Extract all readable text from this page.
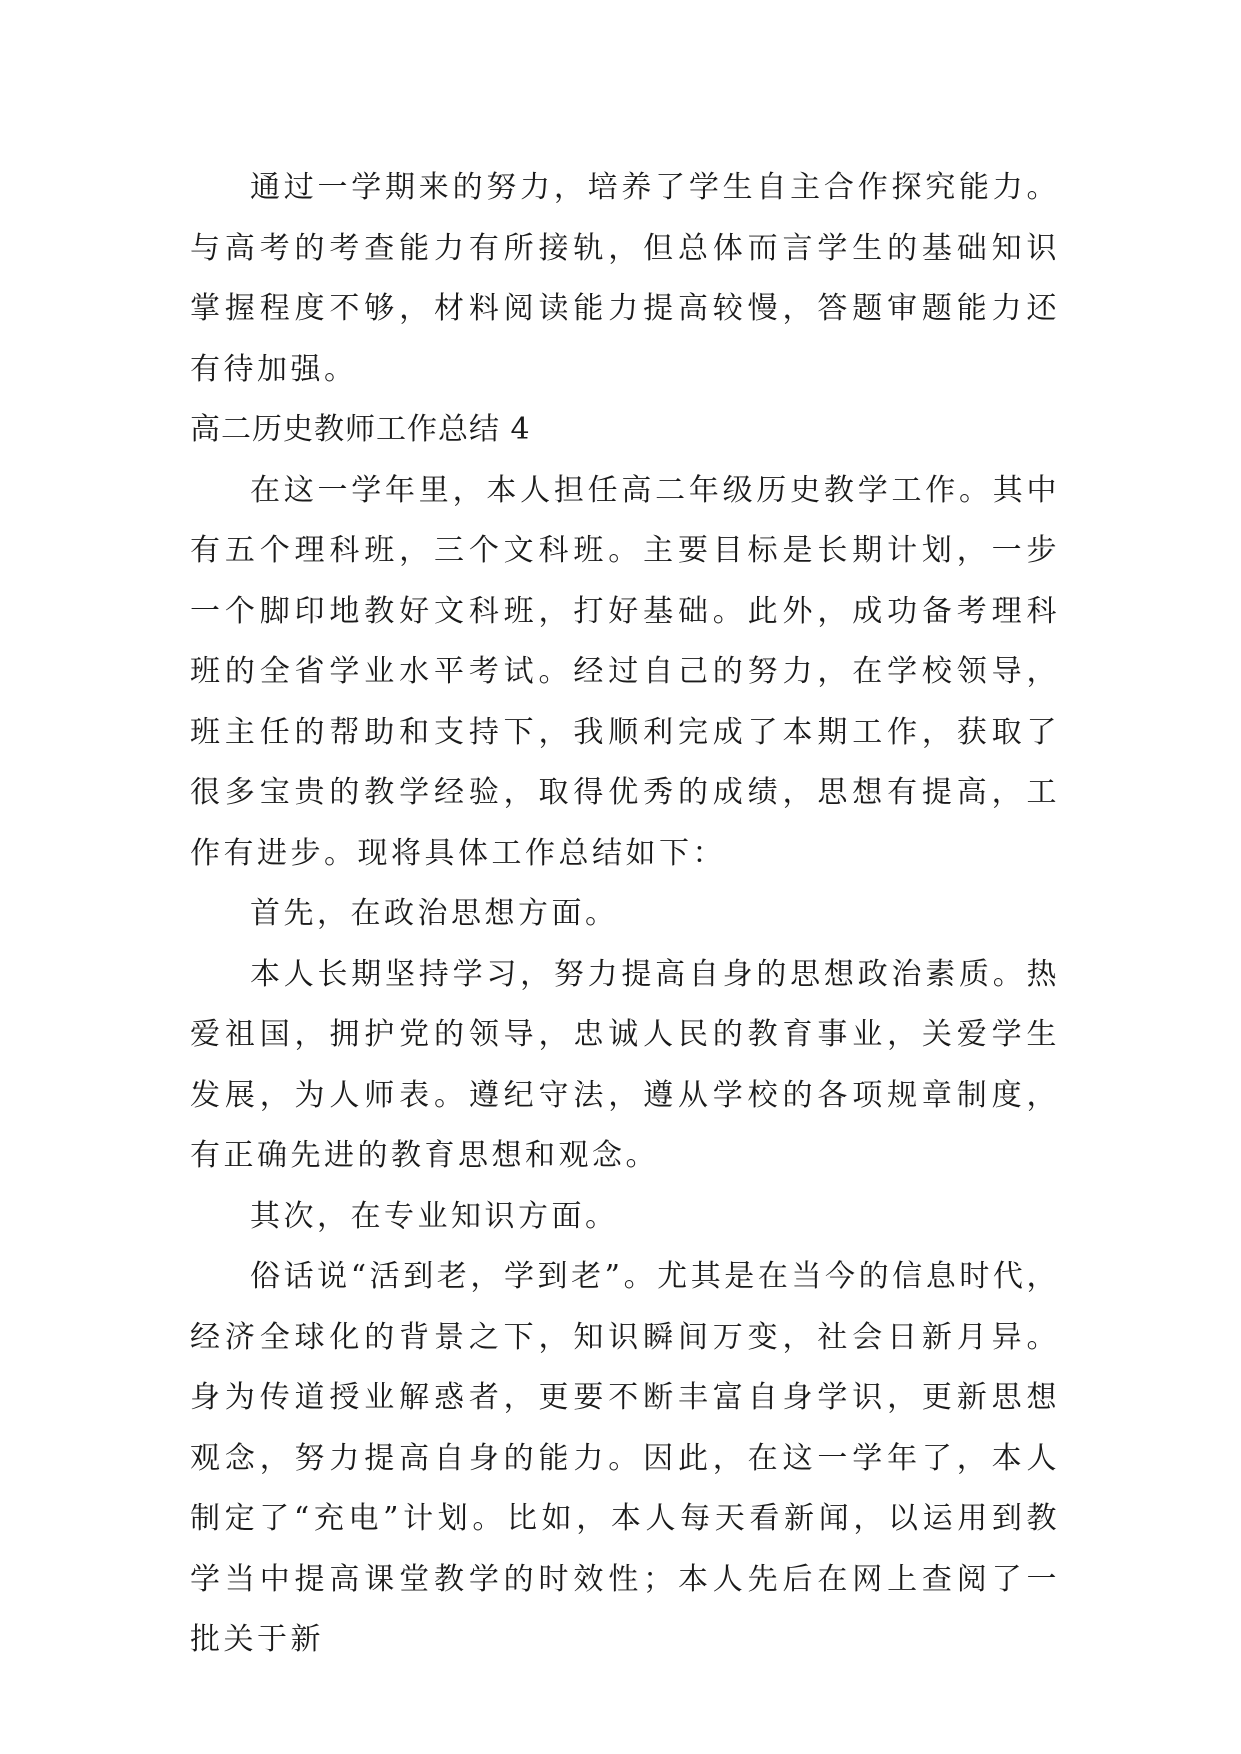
通过一学期来的努力，培养了学生自主合作探究能力。与高考的考查能力有所接轨，但总体而言学生的基础知识掌握程度不够，材料阅读能力提高较慢，答题审题能力还有待加强。

高二历史教师工作总结 4

在这一学年里，本人担任高二年级历史教学工作。其中有五个理科班，三个文科班。主要目标是长期计划，一步一个脚印地教好文科班，打好基础。此外，成功备考理科班的全省学业水平考试。经过自己的努力，在学校领导，班主任的帮助和支持下，我顺利完成了本期工作，获取了很多宝贵的教学经验，取得优秀的成绩，思想有提高，工作有进步。现将具体工作总结如下：

首先，在政治思想方面。

本人长期坚持学习，努力提高自身的思想政治素质。热爱祖国，拥护党的领导，忠诚人民的教育事业，关爱学生发展，为人师表。遵纪守法，遵从学校的各项规章制度，有正确先进的教育思想和观念。

其次，在专业知识方面。

俗话说“活到老，学到老”。尤其是在当今的信息时代，经济全球化的背景之下，知识瞬间万变，社会日新月异。身为传道授业解惑者，更要不断丰富自身学识，更新思想观念，努力提高自身的能力。因此，在这一学年了，本人制定了“充电”计划。比如，本人每天看新闻，以运用到教学当中提高课堂教学的时效性；本人先后在网上查阅了一批关于新
